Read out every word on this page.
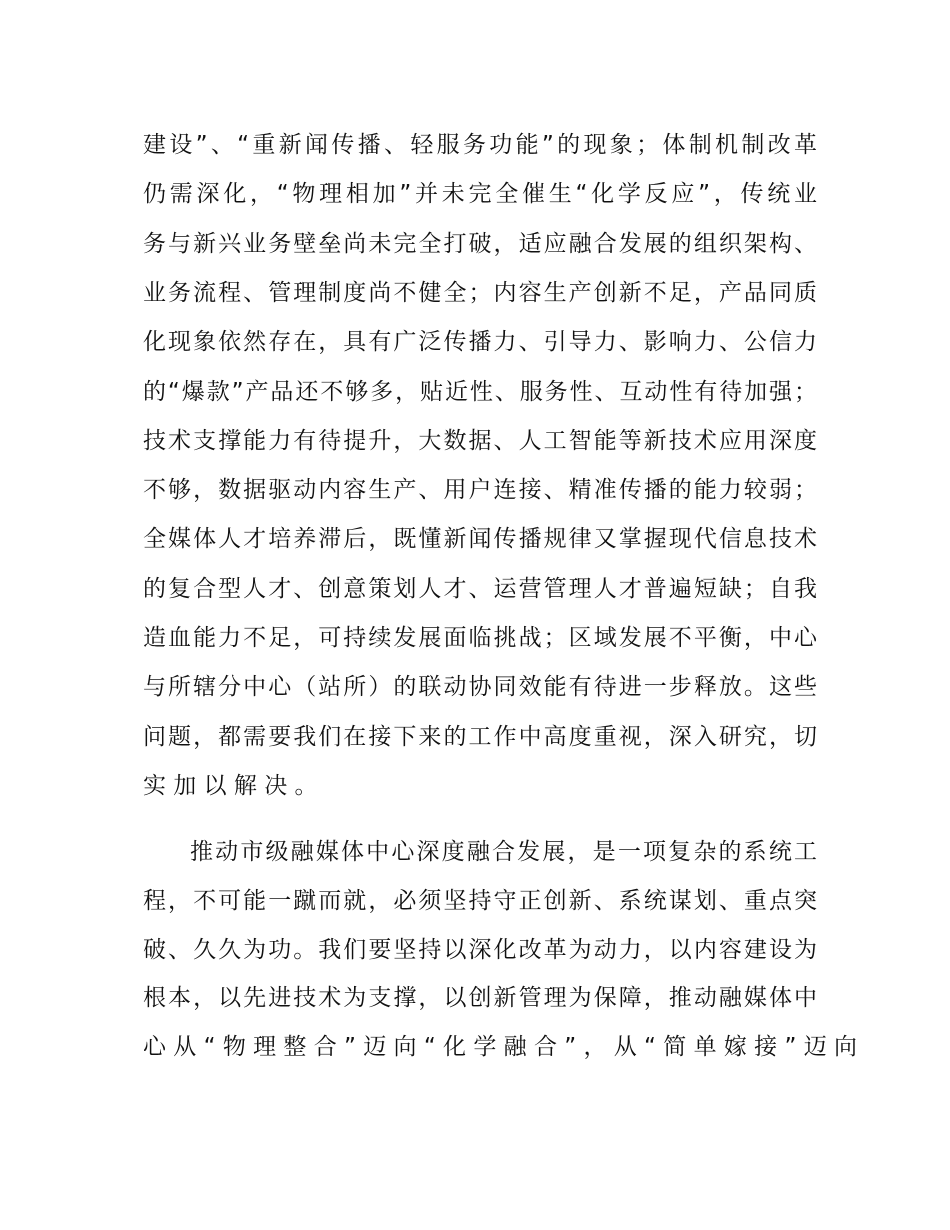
建设”、“重新闻传播、轻服务功能”的现象；体制机制改革
仍需深化，“物理相加”并未完全催生“化学反应”，传统业
务与新兴业务壁垒尚未完全打破，适应融合发展的组织架构、
业务流程、管理制度尚不健全；内容生产创新不足，产品同质
化现象依然存在，具有广泛传播力、引导力、影响力、公信力
的“爆款”产品还不够多，贴近性、服务性、互动性有待加强；
技术支撑能力有待提升，大数据、人工智能等新技术应用深度
不够，数据驱动内容生产、用户连接、精准传播的能力较弱；
全媒体人才培养滞后，既懂新闻传播规律又掌握现代信息技术
的复合型人才、创意策划人才、运营管理人才普遍短缺；自我
造血能力不足，可持续发展面临挑战；区域发展不平衡，中心
与所辖分中心（站所）的联动协同效能有待进一步释放。这些
问题，都需要我们在接下来的工作中高度重视，深入研究，切
实加以解决。
推动市级融媒体中心深度融合发展，是一项复杂的系统工
程，不可能一蹴而就，必须坚持守正创新、系统谋划、重点突
破、久久为功。我们要坚持以深化改革为动力，以内容建设为
根本，以先进技术为支撑，以创新管理为保障，推动融媒体中
心从“物理整合”迈向“化学融合”，从“简单嫁接”迈向
